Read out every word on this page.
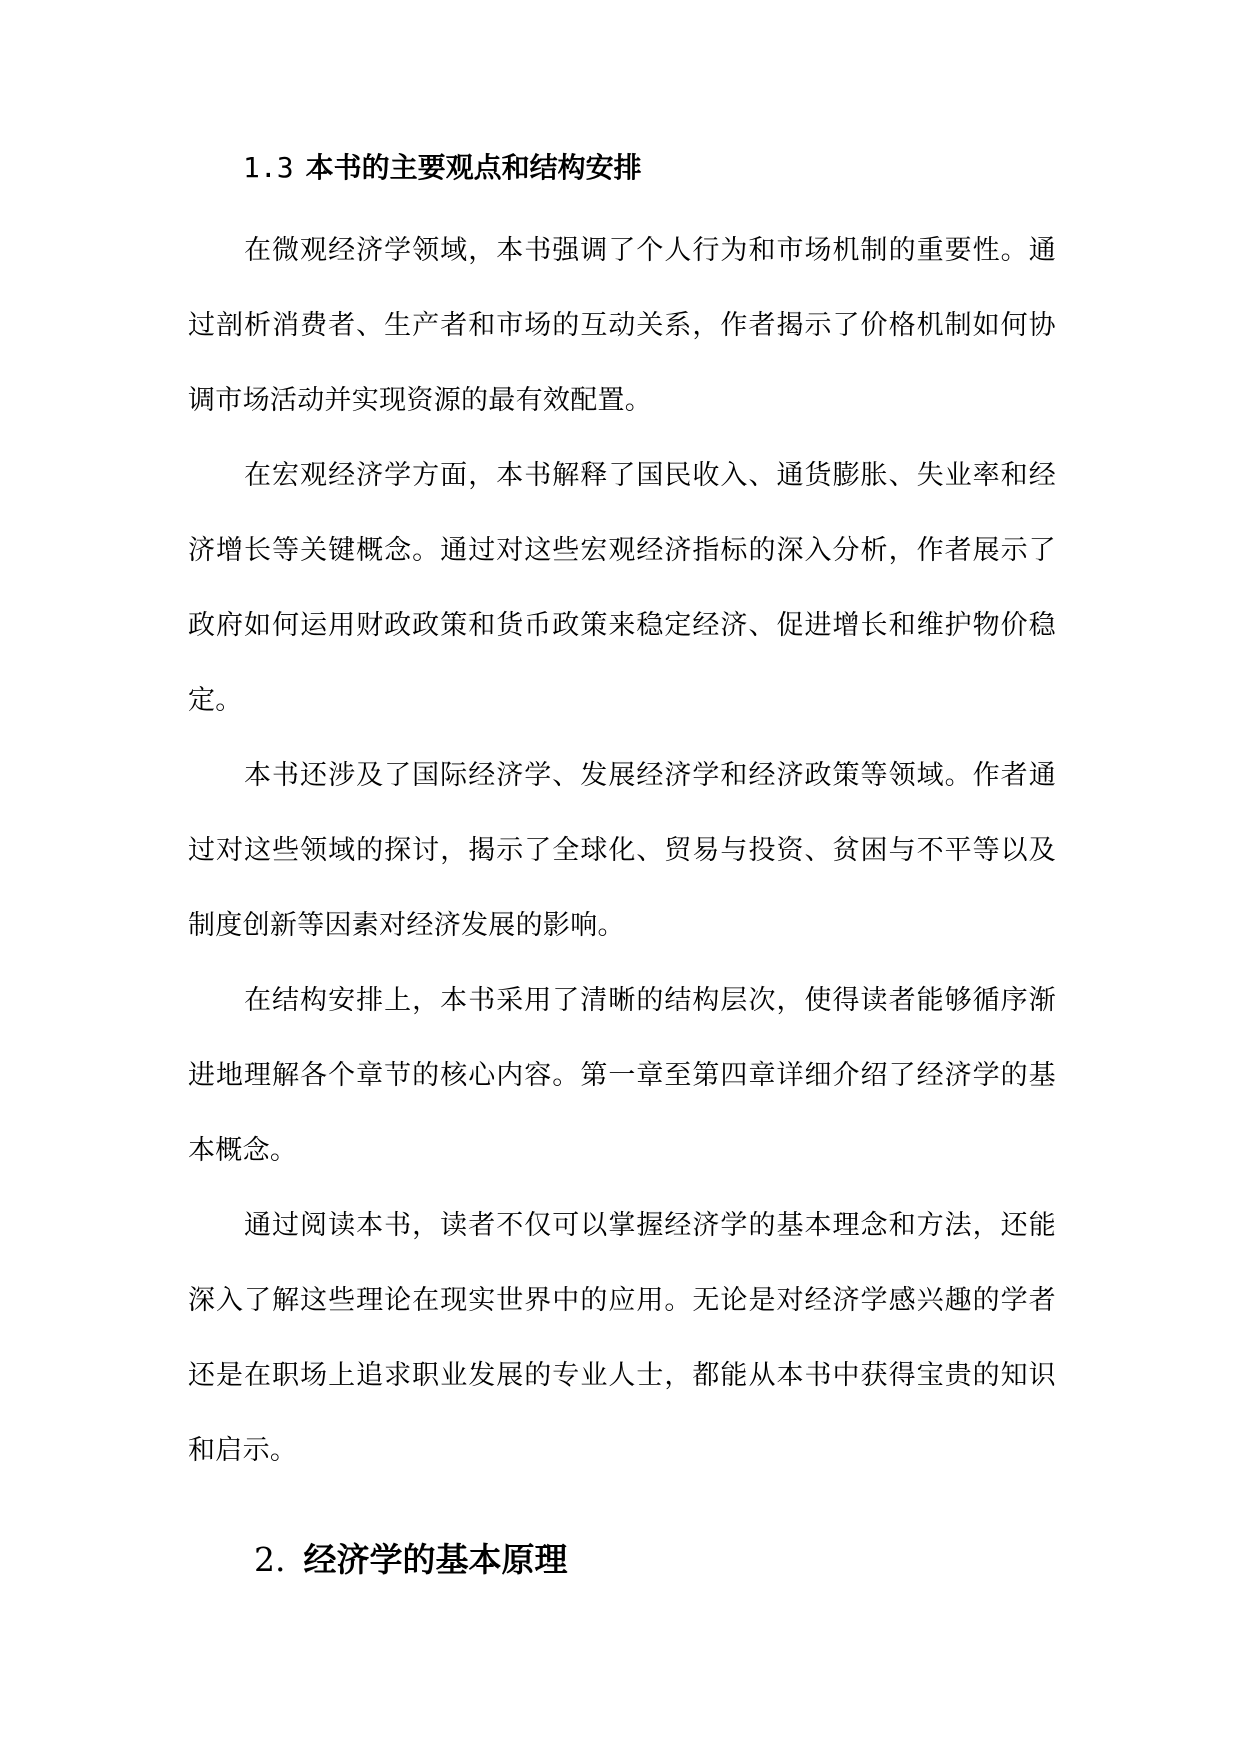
1.3 本书的主要观点和结构安排

在微观经济学领域，本书强调了个人行为和市场机制的重要性。通过剖析消费者、生产者和市场的互动关系，作者揭示了价格机制如何协调市场活动并实现资源的最有效配置。

在宏观经济学方面，本书解释了国民收入、通货膨胀、失业率和经济增长等关键概念。通过对这些宏观经济指标的深入分析，作者展示了政府如何运用财政政策和货币政策来稳定经济、促进增长和维护物价稳定。

本书还涉及了国际经济学、发展经济学和经济政策等领域。作者通过对这些领域的探讨，揭示了全球化、贸易与投资、贫困与不平等以及制度创新等因素对经济发展的影响。

在结构安排上，本书采用了清晰的结构层次，使得读者能够循序渐进地理解各个章节的核心内容。第一章至第四章详细介绍了经济学的基本概念。

通过阅读本书，读者不仅可以掌握经济学的基本理念和方法，还能深入了解这些理论在现实世界中的应用。无论是对经济学感兴趣的学者还是在职场上追求职业发展的专业人士，都能从本书中获得宝贵的知识和启示。

2. 经济学的基本原理
